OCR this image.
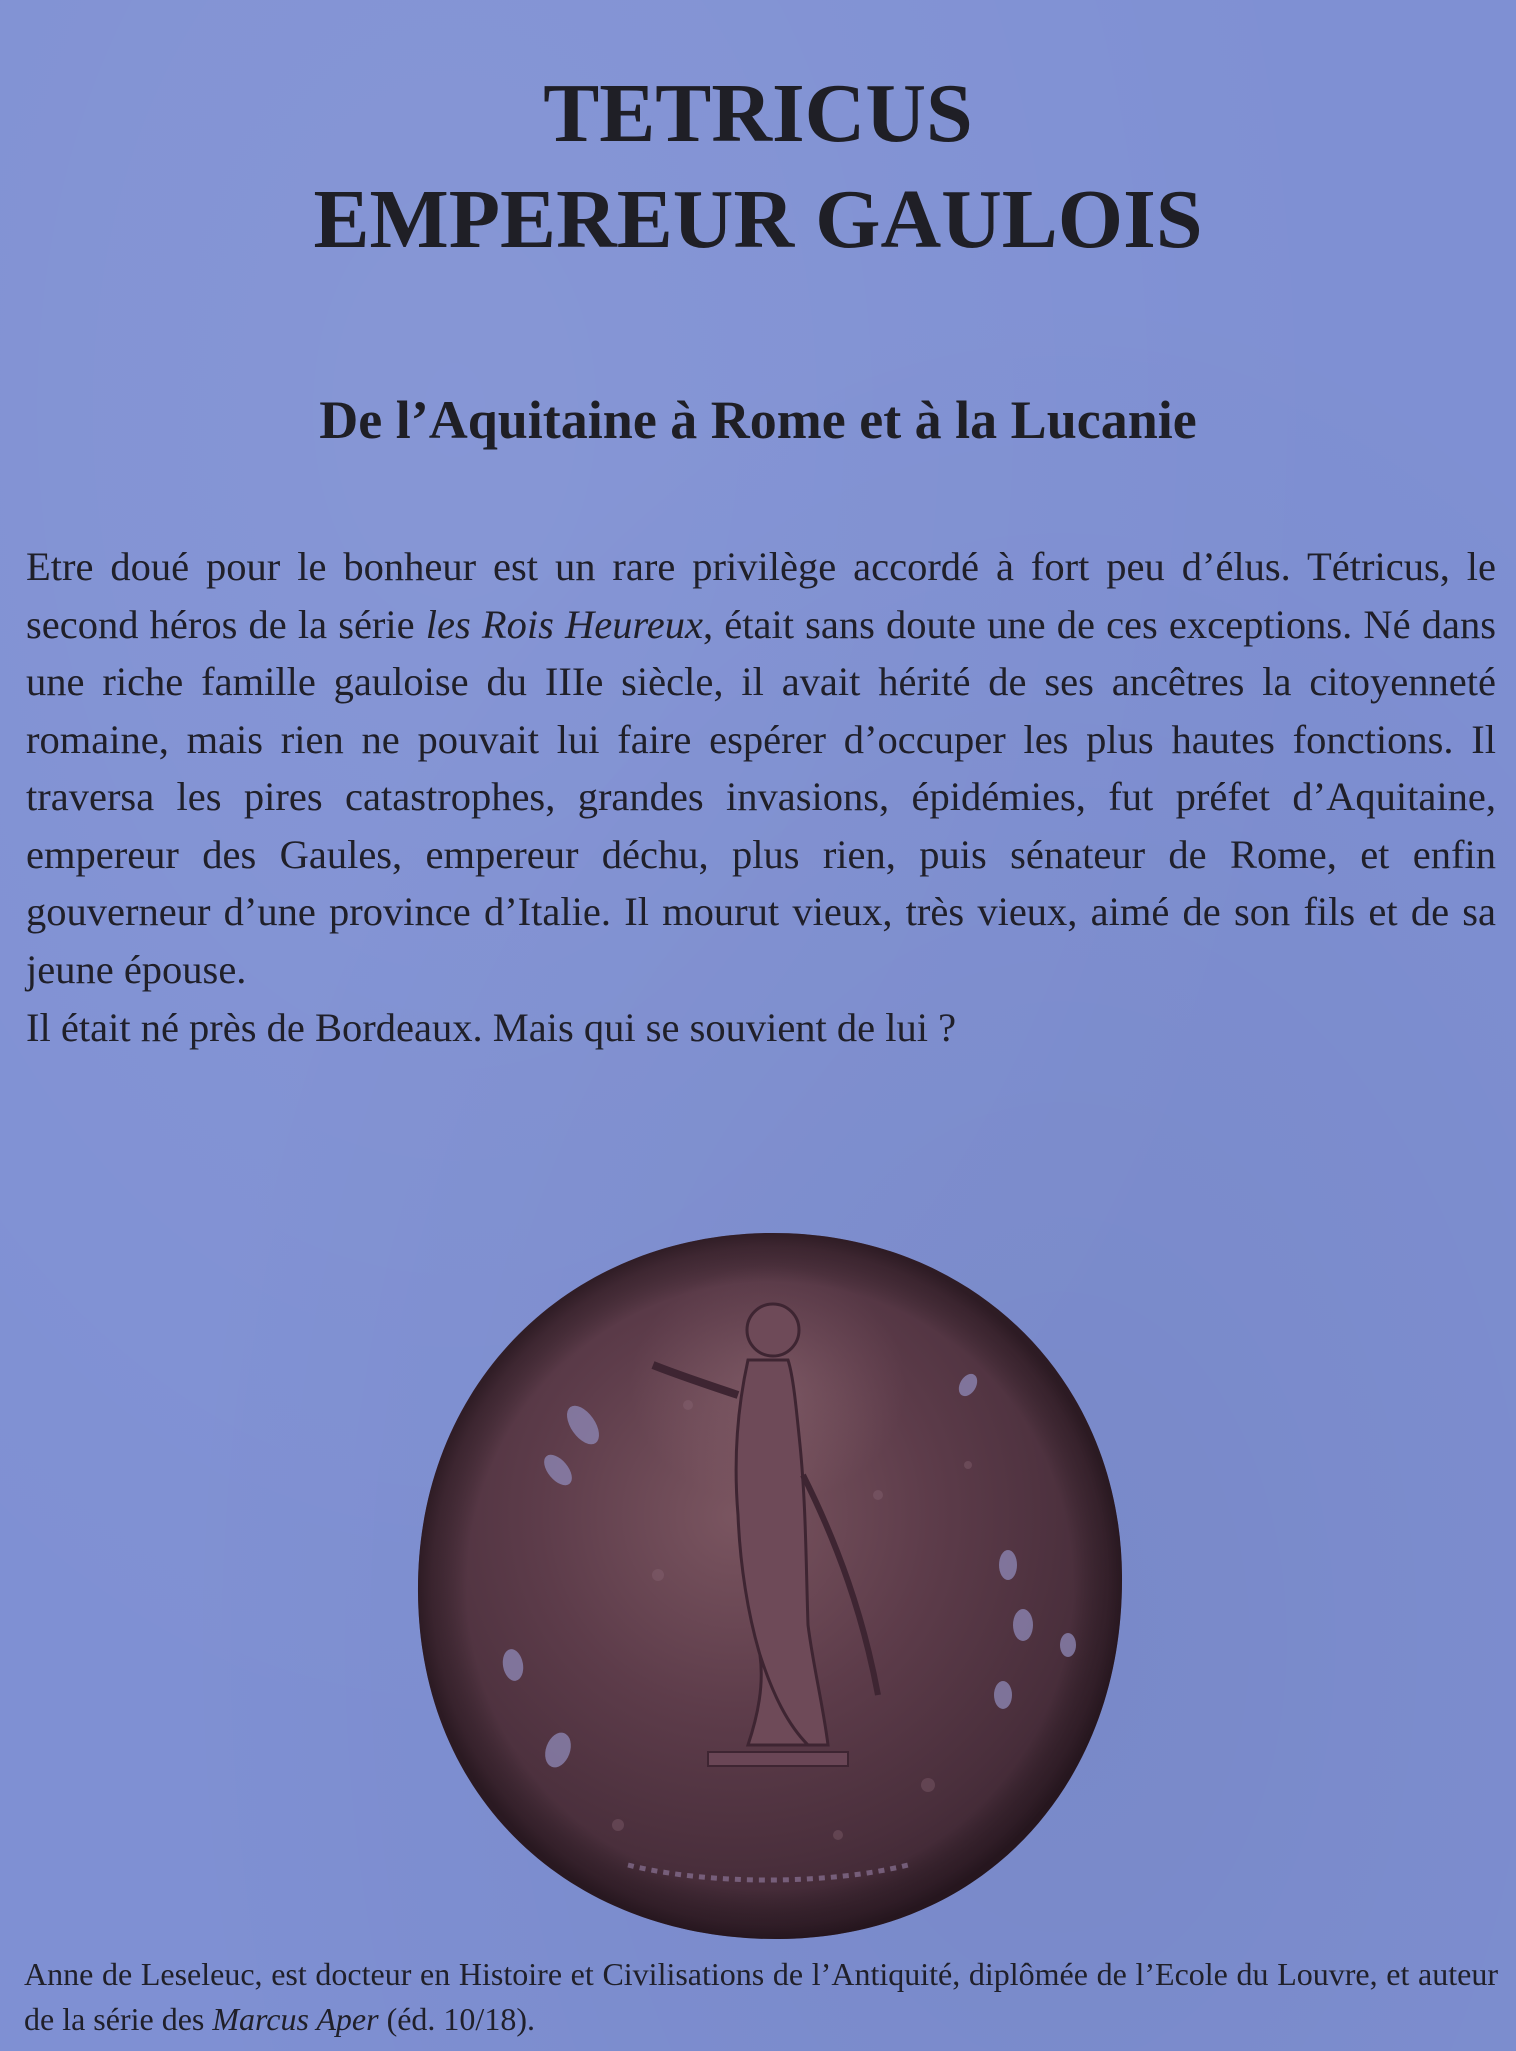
TETRICUS
EMPEREUR GAULOIS
De l’Aquitaine à Rome et à la Lucanie

Etre doué pour le bonheur est un rare privilège accordé à fort peu d’élus. Tétricus, le second héros de la série les Rois Heureux, était sans doute une de ces exceptions. Né dans une riche famille gauloise du IIIe siècle, il avait hérité de ses ancêtres la citoyenneté romaine, mais rien ne pouvait lui faire espérer d’occuper les plus hautes fonctions. Il traversa les pires catastrophes, grandes invasions, épidémies, fut préfet d’Aquitaine, empereur des Gaules, empereur déchu, plus rien, puis sénateur de Rome, et enfin gouverneur d’une province d’Italie. Il mourut vieux, très vieux, aimé de son fils et de sa jeune épouse.

Il était né près de Bordeaux. Mais qui se souvient de lui ?

Anne de Leseleuc, est docteur en Histoire et Civilisations de l’Antiquité, diplômée de l’Ecole du Louvre, et auteur de la série des Marcus Aper (éd. 10/18).
